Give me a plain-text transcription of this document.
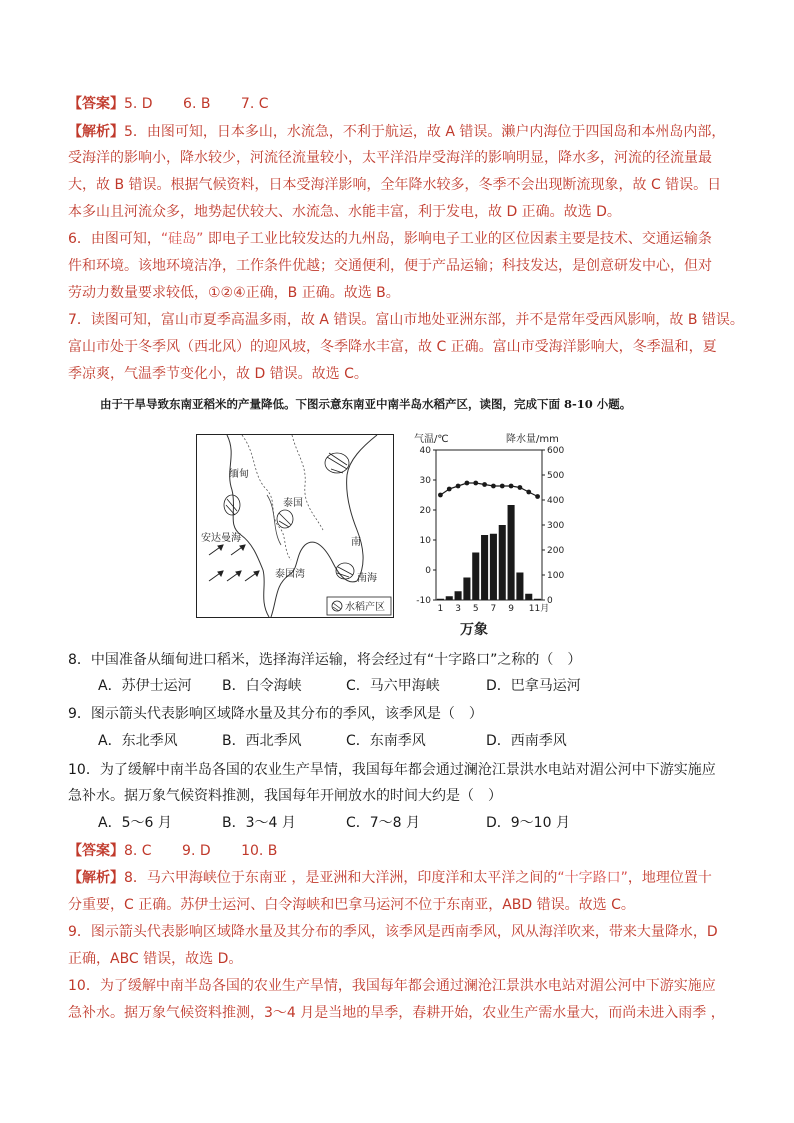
【答案】5. D 6. B 7. C
【解析】5．由图可知，日本多山，水流急，不利于航运，故 A 错误。濑户内海位于四国岛和本州岛内部，
受海洋的影响小，降水较少，河流径流量较小，太平洋沿岸受海洋的影响明显，降水多，河流的径流量最
大，故 B 错误。根据气候资料，日本受海洋影响，全年降水较多，冬季不会出现断流现象，故 C 错误。日
本多山且河流众多，地势起伏较大、水流急、水能丰富，利于发电，故 D 正确。故选 D。
6．由图可知，“硅岛” 即电子工业比较发达的九州岛，影响电子工业的区位因素主要是技术、交通运输条
件和环境。该地环境洁净，工作条件优越；交通便利，便于产品运输；科技发达，是创意研发中心，但对
劳动力数量要求较低，①②④正确，B 正确。故选 B。
7．读图可知，富山市夏季高温多雨，故 A 错误。富山市地处亚洲东部，并不是常年受西风影响，故 B 错误。
富山市处于冬季风（西北风）的迎风坡，冬季降水丰富，故 C 正确。富山市受海洋影响大，冬季温和，夏
季凉爽，气温季节变化小，故 D 错误。故选 C。
由于干旱导致东南亚稻米的产量降低。下图示意东南亚中南半岛水稻产区，读图，完成下面 8-10 小题。
缅甸
泰国
安达曼海
泰国湾
南
南海
水稻产区
气温/℃	降水量/mm
40
30
20
10
0
-10
600
500
400
300
200
100
0
1 3 5 7 9 11月
万象
8．中国准备从缅甸进口稻米，选择海洋运输，将会经过有“十字路口”之称的（　）
A．苏伊士运河 B．白令海峡	C．马六甲海峡	D．巴拿马运河
9．图示箭头代表影响区域降水量及其分布的季风，该季风是（　）
A．东北季风	B．西北季风	C．东南季风	D．西南季风
10．为了缓解中南半岛各国的农业生产旱情，我国每年都会通过澜沧江景洪水电站对湄公河中下游实施应
急补水。据万象气候资料推测，我国每年开闸放水的时间大约是（　）
A．5～6 月	B．3～4 月	C．7～8 月	D．9～10 月
【答案】8. C 9. D 10. B
【解析】8．马六甲海峡位于东南亚 ，是亚洲和大洋洲，印度洋和太平洋之间的“十字路口”，地理位置十
分重要，C 正确。苏伊士运河、白令海峡和巴拿马运河不位于东南亚，ABD 错误。故选 C。
9．图示箭头代表影响区域降水量及其分布的季风，该季风是西南季风，风从海洋吹来，带来大量降水，D
正确，ABC 错误，故选 D。
10．为了缓解中南半岛各国的农业生产旱情，我国每年都会通过澜沧江景洪水电站对湄公河中下游实施应
急补水。据万象气候资料推测，3～4 月是当地的旱季，春耕开始，农业生产需水量大，而尚未进入雨季 ，
